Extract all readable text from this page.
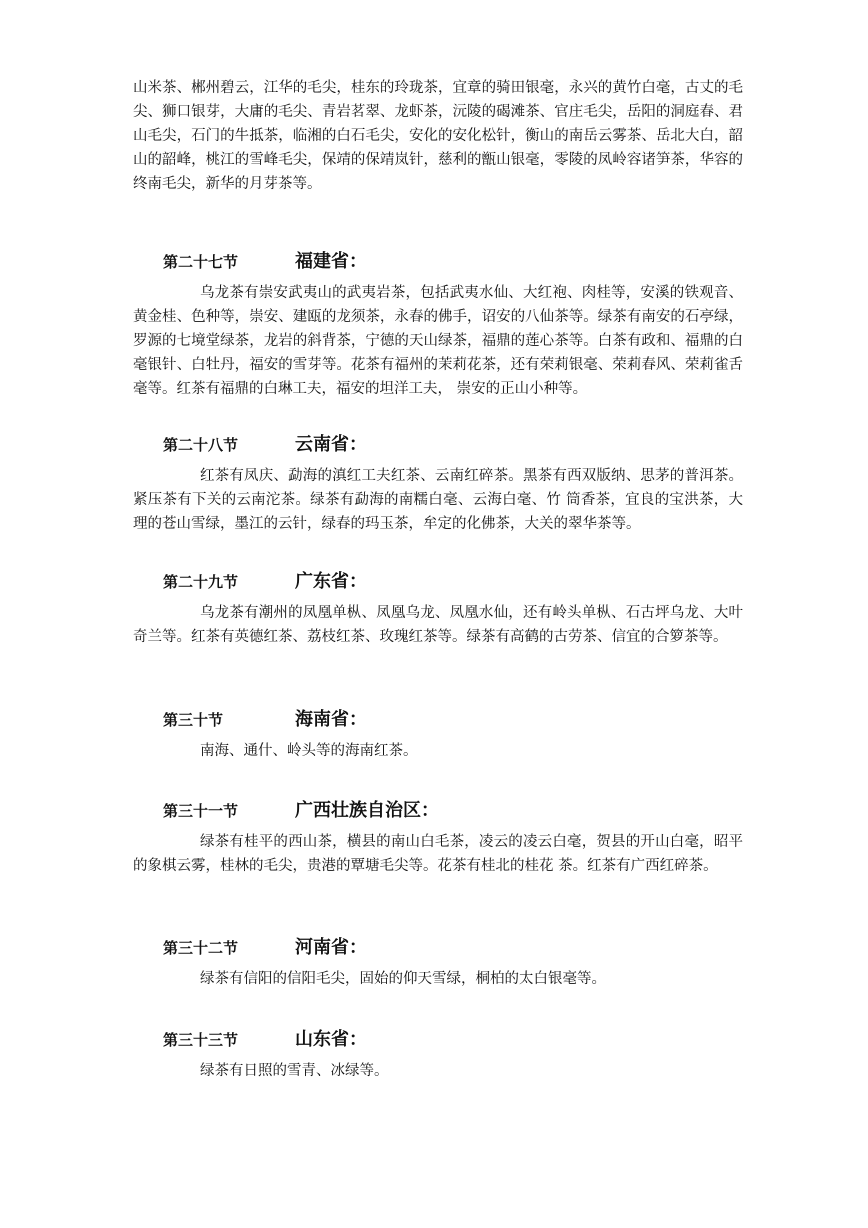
山米茶、郴州碧云，江华的毛尖，桂东的玲珑茶，宜章的骑田银毫，永兴的黄竹白毫，古丈的毛尖、狮口银芽，大庸的毛尖、青岩茗翠、龙虾茶，沅陵的碣滩茶、官庄毛尖，岳阳的洞庭春、君山毛尖，石门的牛抵茶，临湘的白石毛尖，安化的安化松针，衡山的南岳云雾茶、岳北大白，韶山的韶峰，桃江的雪峰毛尖，保靖的保靖岚针，慈利的甑山银毫，零陵的凤岭容诸笋茶，华容的终南毛尖，新华的月芽茶等。

第二十七节	福建省：

乌龙茶有崇安武夷山的武夷岩茶，包括武夷水仙、大红袍、肉桂等，安溪的铁观音、黄金桂、色种等，崇安、建瓯的龙须茶，永春的佛手，诏安的八仙茶等。绿茶有南安的石亭绿，罗源的七境堂绿茶，龙岩的斜背茶，宁德的天山绿茶，福鼎的莲心茶等。白茶有政和、福鼎的白毫银针、白牡丹，福安的雪芽等。花茶有福州的茉莉花茶，还有荣莉银毫、荣莉春风、荣莉雀舌毫等。红茶有福鼎的白琳工夫，福安的坦洋工夫， 崇安的正山小种等。

第二十八节	云南省：

红茶有凤庆、勐海的滇红工夫红茶、云南红碎茶。黑茶有西双版纳、思茅的普洱茶。紧压茶有下关的云南沱茶。绿茶有勐海的南糯白毫、云海白毫、竹 筒香茶，宜良的宝洪茶，大理的苍山雪绿，墨江的云针，绿春的玛玉茶，牟定的化佛茶，大关的翠华茶等。

第二十九节	广东省：

乌龙茶有潮州的凤凰单枞、凤凰乌龙、凤凰水仙，还有岭头单枞、石古坪乌龙、大叶奇兰等。红茶有英德红茶、荔枝红茶、玫瑰红茶等。绿茶有高鹤的古劳茶、信宜的合箩茶等。

第三十节	海南省：

南海、通什、岭头等的海南红茶。

第三十一节	广西壮族自治区：

绿茶有桂平的西山茶，横县的南山白毛茶，凌云的凌云白毫，贺县的开山白毫，昭平的象棋云雾，桂林的毛尖，贵港的覃塘毛尖等。花茶有桂北的桂花 茶。红茶有广西红碎茶。

第三十二节	河南省：

绿茶有信阳的信阳毛尖，固始的仰天雪绿，桐柏的太白银毫等。

第三十三节	山东省：

绿茶有日照的雪青、冰绿等。
